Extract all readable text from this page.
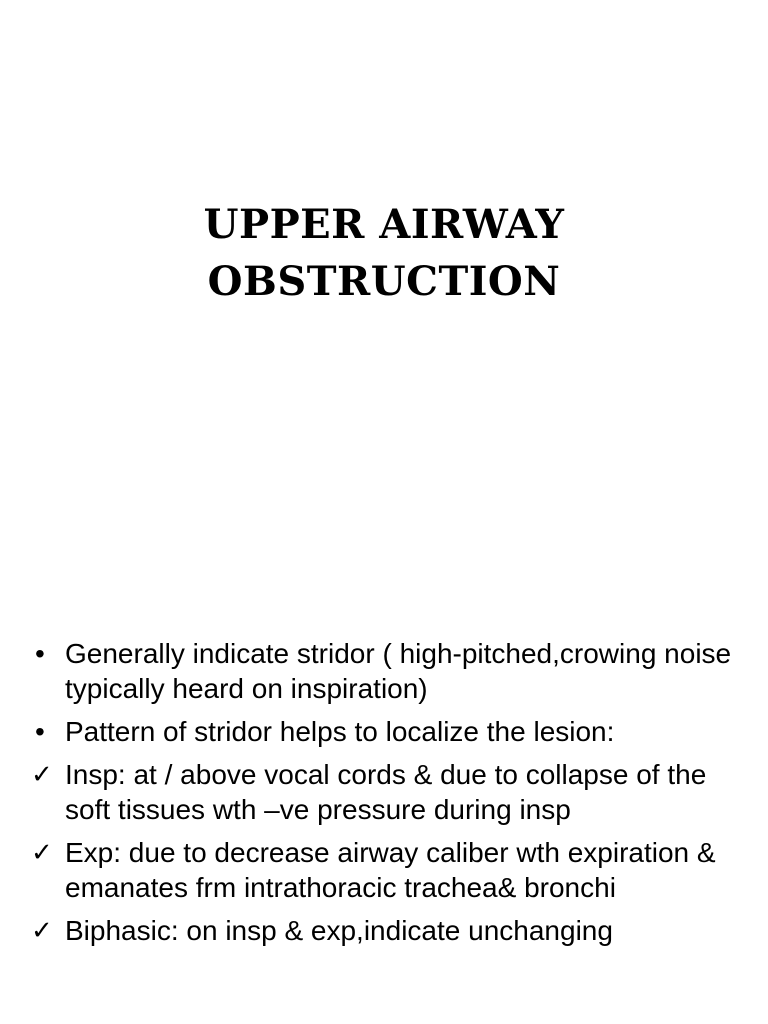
UPPER AIRWAY
OBSTRUCTION
• Generally indicate stridor ( high-pitched,crowing noise typically heard on inspiration)
• Pattern of stridor helps to localize the lesion:
✓ Insp: at / above vocal cords & due to collapse of the soft tissues wth –ve pressure during insp
✓ Exp: due to decrease airway caliber wth expiration & emanates frm intrathoracic trachea& bronchi
✓ Biphasic: on insp & exp,indicate unchanging
